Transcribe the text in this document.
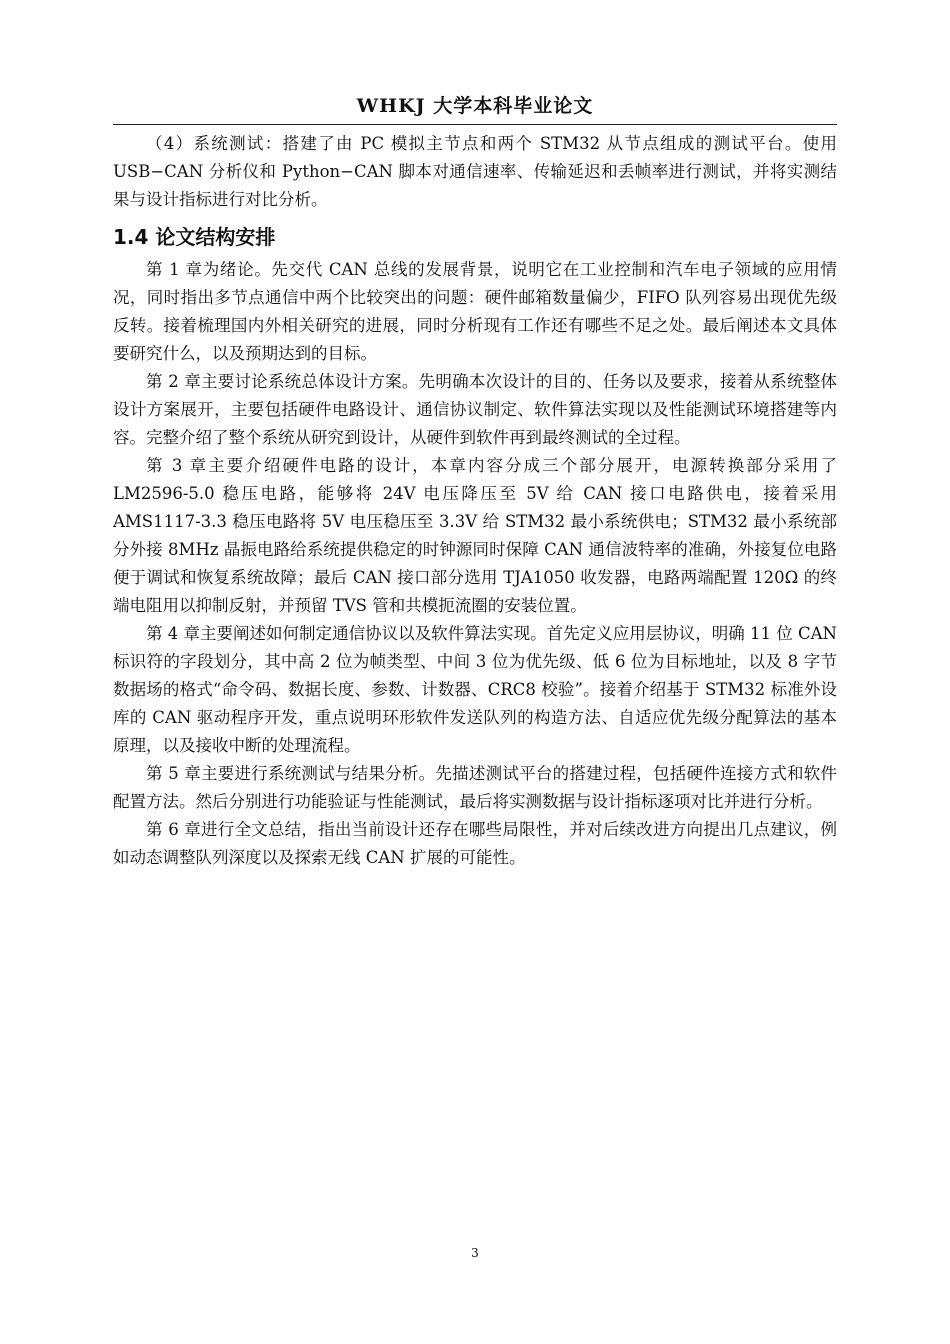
WHKJ 大学本科毕业论文

（4）系统测试：搭建了由 PC 模拟主节点和两个 STM32 从节点组成的测试平台。使用 USB−CAN 分析仪和 Python−CAN 脚本对通信速率、传输延迟和丢帧率进行测试，并将实测结果与设计指标进行对比分析。

1.4 论文结构安排

第 1 章为绪论。先交代 CAN 总线的发展背景，说明它在工业控制和汽车电子领域的应用情况，同时指出多节点通信中两个比较突出的问题：硬件邮箱数量偏少，FIFO 队列容易出现优先级反转。接着梳理国内外相关研究的进展，同时分析现有工作还有哪些不足之处。最后阐述本文具体要研究什么，以及预期达到的目标。

第 2 章主要讨论系统总体设计方案。先明确本次设计的目的、任务以及要求，接着从系统整体设计方案展开，主要包括硬件电路设计、通信协议制定、软件算法实现以及性能测试环境搭建等内容。完整介绍了整个系统从研究到设计，从硬件到软件再到最终测试的全过程。

第 3 章主要介绍硬件电路的设计，本章内容分成三个部分展开，电源转换部分采用了 LM2596-5.0 稳压电路，能够将 24V 电压降压至 5V 给 CAN 接口电路供电，接着采用 AMS1117-3.3 稳压电路将 5V 电压稳压至 3.3V 给 STM32 最小系统供电；STM32 最小系统部分外接 8MHz 晶振电路给系统提供稳定的时钟源同时保障 CAN 通信波特率的准确，外接复位电路便于调试和恢复系统故障；最后 CAN 接口部分选用 TJA1050 收发器，电路两端配置 120Ω 的终端电阻用以抑制反射，并预留 TVS 管和共模扼流圈的安装位置。

第 4 章主要阐述如何制定通信协议以及软件算法实现。首先定义应用层协议，明确 11 位 CAN 标识符的字段划分，其中高 2 位为帧类型、中间 3 位为优先级、低 6 位为目标地址，以及 8 字节数据场的格式“命令码、数据长度、参数、计数器、CRC8 校验”。接着介绍基于 STM32 标准外设库的 CAN 驱动程序开发，重点说明环形软件发送队列的构造方法、自适应优先级分配算法的基本原理，以及接收中断的处理流程。

第 5 章主要进行系统测试与结果分析。先描述测试平台的搭建过程，包括硬件连接方式和软件配置方法。然后分别进行功能验证与性能测试，最后将实测数据与设计指标逐项对比并进行分析。

第 6 章进行全文总结，指出当前设计还存在哪些局限性，并对后续改进方向提出几点建议，例如动态调整队列深度以及探索无线 CAN 扩展的可能性。

3
